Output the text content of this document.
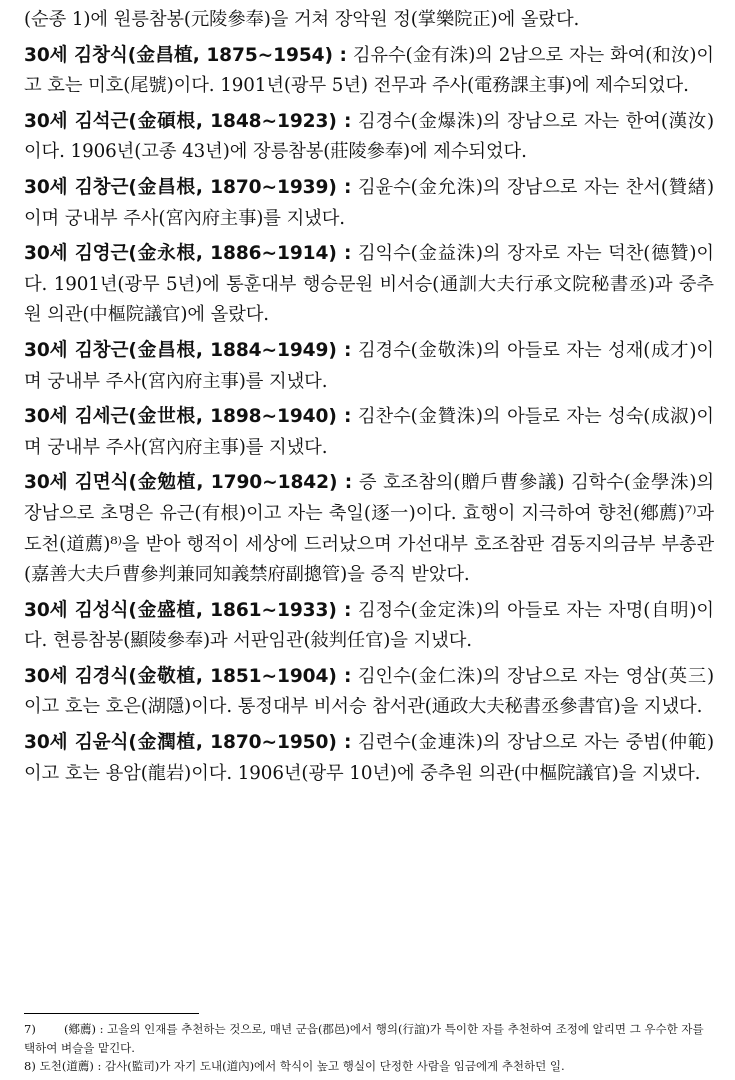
(순종 1)에 원릉참봉(元陵參奉)을 거쳐 장악원 정(掌樂院正)에 올랐다.

30세 김창식(金昌植, 1875~1954) : 김유수(金有洙)의 2남으로 자는 화여(和汝)이고 호는 미호(尾號)이다. 1901년(광무 5년) 전무과 주사(電務課主事)에 제수되었다.

30세 김석근(金碩根, 1848~1923) : 김경수(金爆洙)의 장남으로 자는 한여(漢汝)이다. 1906년(고종 43년)에 장릉참봉(莊陵參奉)에 제수되었다.

30세 김창근(金昌根, 1870~1939) : 김윤수(金允洙)의 장남으로 자는 찬서(贊緖)이며 궁내부 주사(宮內府主事)를 지냈다.

30세 김영근(金永根, 1886~1914) : 김익수(金益洙)의 장자로 자는 덕찬(德贊)이다. 1901년(광무 5년)에 통훈대부 행승문원 비서승(通訓大夫行承文院秘書丞)과 중추원 의관(中樞院議官)에 올랐다.

30세 김창근(金昌根, 1884~1949) : 김경수(金敬洙)의 아들로 자는 성재(成才)이며 궁내부 주사(宮內府主事)를 지냈다.

30세 김세근(金世根, 1898~1940) : 김찬수(金贊洙)의 아들로 자는 성숙(成淑)이며 궁내부 주사(宮內府主事)를 지냈다.

30세 김면식(金勉植, 1790~1842) : 증 호조참의(贈戶曹參議) 김학수(金學洙)의 장남으로 초명은 유근(有根)이고 자는 축일(逐一)이다. 효행이 지극하여 향천(鄕薦)⁷⁾과 도천(道薦)⁸⁾을 받아 행적이 세상에 드러났으며 가선대부 호조참판 겸동지의금부 부총관(嘉善大夫戶曹參判兼同知義禁府副摠管)을 증직 받았다.

30세 김성식(金盛植, 1861~1933) : 김정수(金定洙)의 아들로 자는 자명(自明)이다. 현릉참봉(顯陵參奉)과 서판임관(敍判任官)을 지냈다.

30세 김경식(金敬植, 1851~1904) : 김인수(金仁洙)의 장남으로 자는 영삼(英三)이고 호는 호은(湖隱)이다. 통정대부 비서승 참서관(通政大夫秘書丞參書官)을 지냈다.

30세 김윤식(金潤植, 1870~1950) : 김련수(金連洙)의 장남으로 자는 중범(仲範)이고 호는 용암(龍岩)이다. 1906년(광무 10년)에 중추원 의관(中樞院議官)을 지냈다.

7) (鄕薦) : 고을의 인재를 추천하는 것으로, 매년 군읍(郡邑)에서 행의(行誼)가 특이한 자를 추천하여 조정에 알리면 그 우수한 자를 택하여 벼슬을 맡긴다.

8) 도천(道薦) : 감사(監司)가 자기 도내(道內)에서 학식이 높고 행실이 단정한 사람을 임금에게 추천하던 일.
